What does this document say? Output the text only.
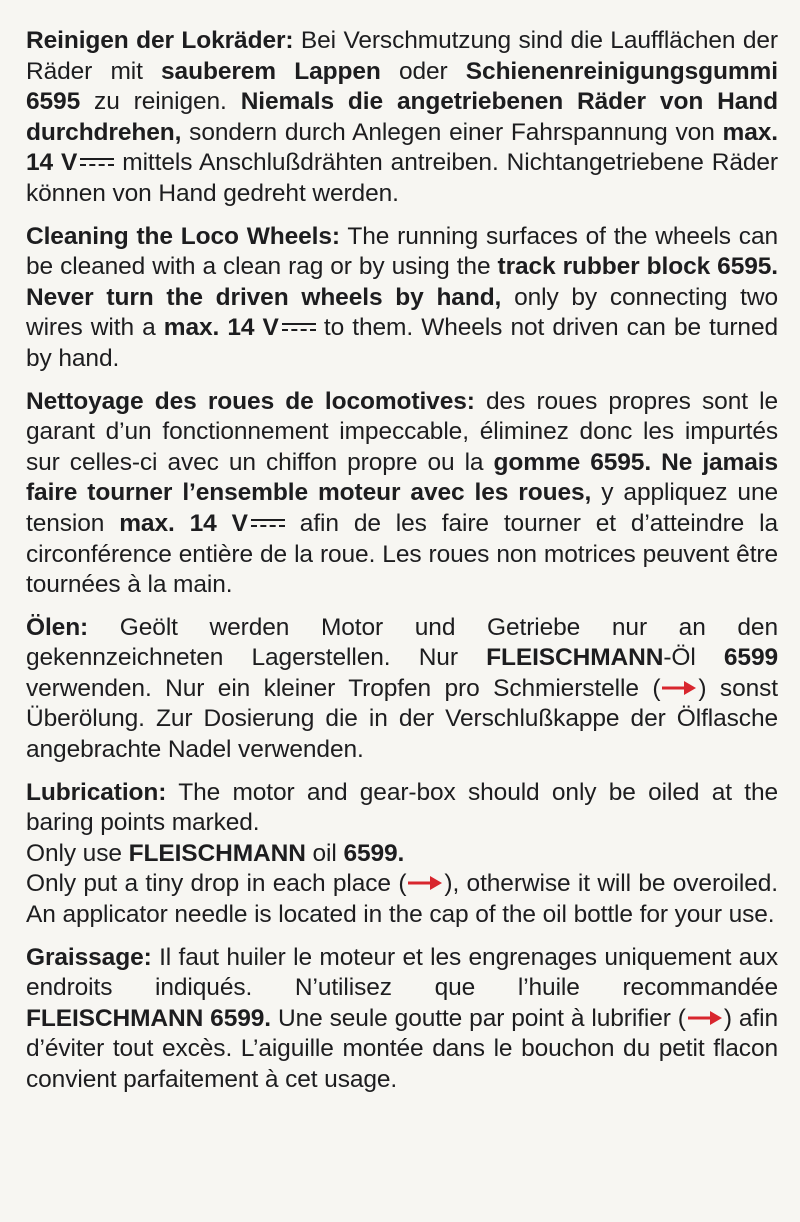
Reinigen der Lokräder: Bei Verschmutzung sind die Laufflächen der Räder mit sauberem Lappen oder Schienenreinigungsgummi 6595 zu reinigen. Niemals die angetriebenen Räder von Hand durchdrehen, sondern durch Anlegen einer Fahrspannung von max. 14 V mittels Anschlußdrähten antreiben. Nichtangetriebene Räder können von Hand gedreht werden.

Cleaning the Loco Wheels: The running surfaces of the wheels can be cleaned with a clean rag or by using the track rubber block 6595. Never turn the driven wheels by hand, only by connecting two wires with a max. 14 V to them. Wheels not driven can be turned by hand.

Nettoyage des roues de locomotives: des roues propres sont le garant d’un fonctionnement impeccable, éliminez donc les impurtés sur celles-ci avec un chiffon propre ou la gomme 6595. Ne jamais faire tourner l’ensemble moteur avec les roues, y appliquez une tension max. 14 V afin de les faire tourner et d’atteindre la circonférence entière de la roue. Les roues non motrices peuvent être tournées à la main.

Ölen: Geölt werden Motor und Getriebe nur an den gekennzeichneten Lagerstellen. Nur FLEISCHMANN-Öl 6599 verwenden. Nur ein kleiner Tropfen pro Schmierstelle ( ) sonst Überölung. Zur Dosierung die in der Verschlußkappe der Ölflasche angebrachte Nadel verwenden.

Lubrication: The motor and gear-box should only be oiled at the baring points marked.
Only use FLEISCHMANN oil 6599.
Only put a tiny drop in each place ( ), otherwise it will be overoiled. An applicator needle is located in the cap of the oil bottle for your use.

Graissage: Il faut huiler le moteur et les engrenages uniquement aux endroits indiqués. N’utilisez que l’huile recommandée FLEISCHMANN 6599. Une seule goutte par point à lubrifier ( ) afin d’éviter tout excès. L’aiguille montée dans le bouchon du petit flacon convient parfaitement à cet usage.
